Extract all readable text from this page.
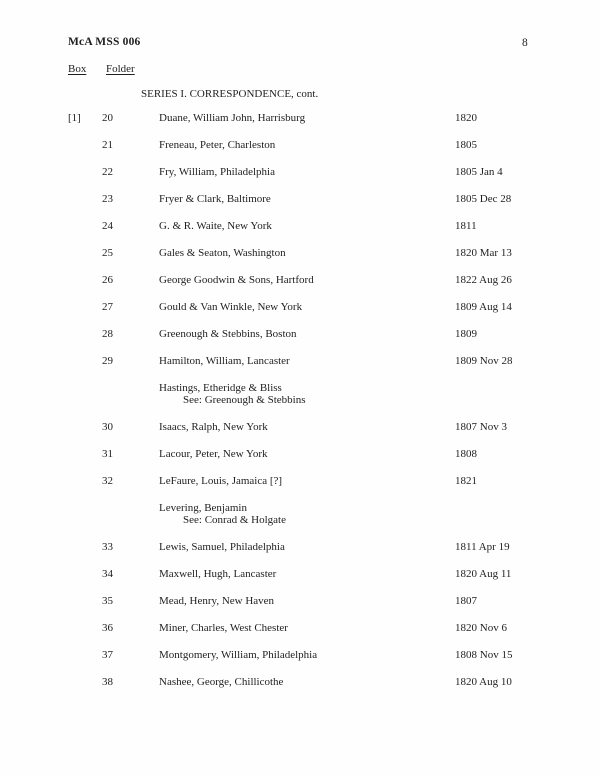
McA MSS 006	8
Box Folder
SERIES I. CORRESPONDENCE, cont.
[1]	20	Duane, William John, Harrisburg	1820
21	Freneau, Peter, Charleston	1805
22	Fry, William, Philadelphia	1805 Jan 4
23	Fryer & Clark, Baltimore	1805 Dec 28
24	G. & R. Waite, New York	1811
25	Gales & Seaton, Washington	1820 Mar 13
26	George Goodwin & Sons, Hartford	1822 Aug 26
27	Gould & Van Winkle, New York	1809 Aug 14
28	Greenough & Stebbins, Boston	1809
29	Hamilton, William, Lancaster	1809 Nov 28
Hastings, Etheridge & Bliss
See: Greenough & Stebbins
30	Isaacs, Ralph, New York	1807 Nov 3
31	Lacour, Peter, New York	1808
32	LeFaure, Louis, Jamaica [?]	1821
Levering, Benjamin
See: Conrad & Holgate
33	Lewis, Samuel, Philadelphia	1811 Apr 19
34	Maxwell, Hugh, Lancaster	1820 Aug 11
35	Mead, Henry, New Haven	1807
36	Miner, Charles, West Chester	1820 Nov 6
37	Montgomery, William, Philadelphia	1808 Nov 15
38	Nashee, George, Chillicothe	1820 Aug 10
